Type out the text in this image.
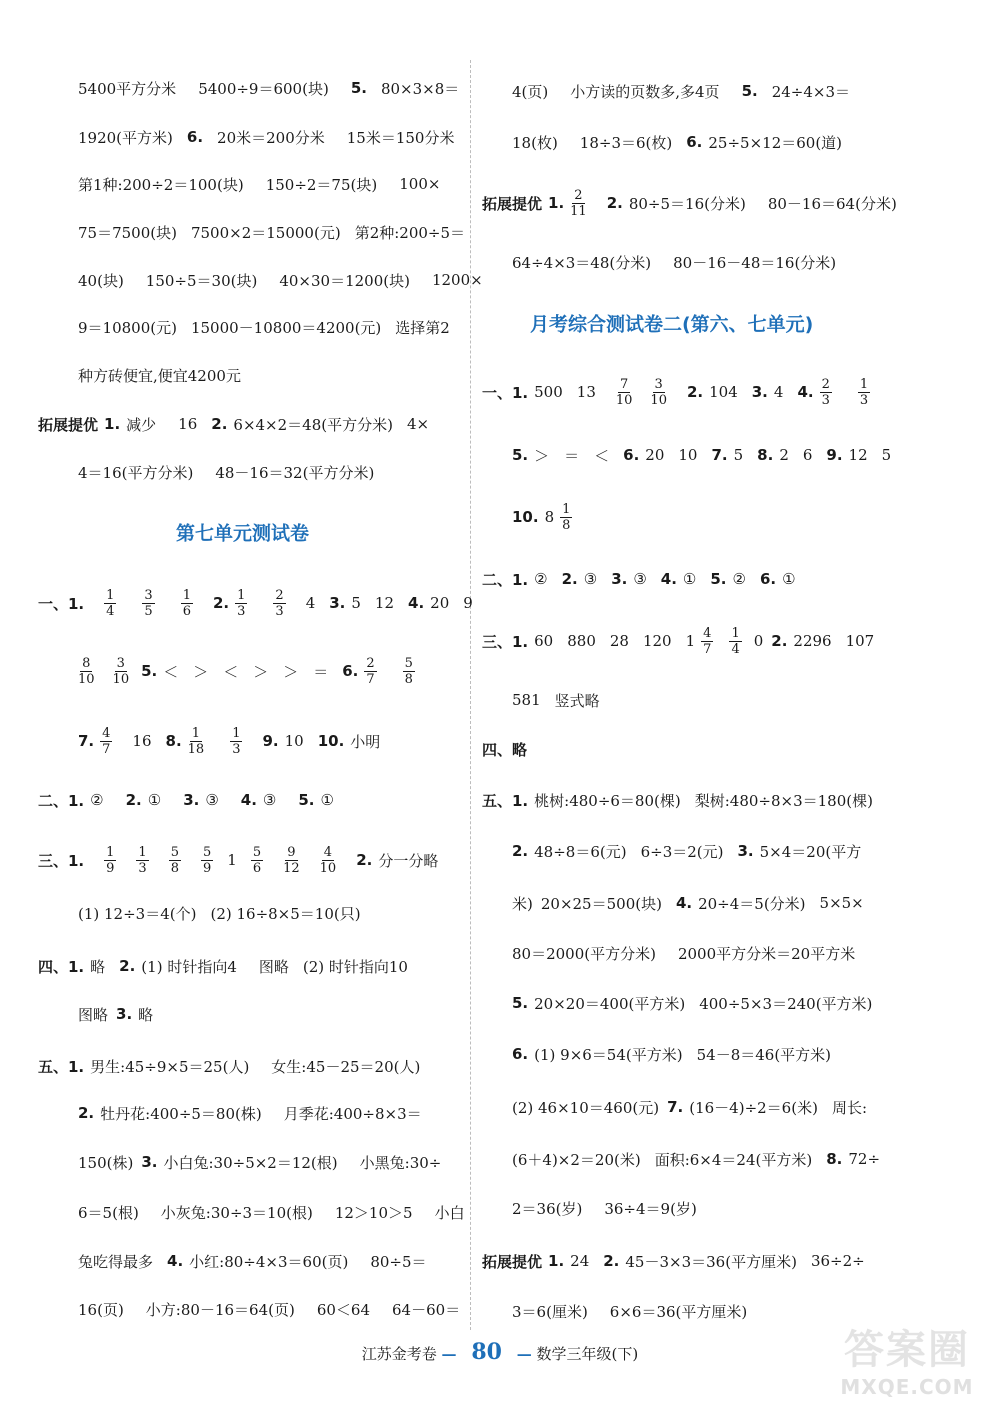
5400平方分米 5400÷9＝600(块) 5. 80×3×8＝
1920(平方米) 6. 20米＝200分米 15米＝150分米
第1种:200÷2＝100(块) 150÷2＝75(块) 100×
75＝7500(块) 7500×2＝15000(元) 第2种:200÷5＝
40(块) 150÷5＝30(块) 40×30＝1200(块) 1200×
9＝10800(元) 15000－10800＝4200(元) 选择第2
种方砖便宜,便宜4200元
拓展提优 1. 减少 16 2. 6×4×2＝48(平方分米) 4×
4＝16(平方分米) 48－16＝32(平方分米)
第七单元测试卷
一、1. $\frac{1}{4} \frac{3}{5} \frac{1}{6} 2$. $\frac{1}{3} \frac{2}{3} 4$ 3. 5 12 4. 20 9
$\frac{8}{10} \frac{3}{10} 5$. ＜　＞　＜　＞　＞　＝ 6. $\frac{2}{7} \frac{5}{8}$
7. $\frac{4}{7} 16$ 8. $\frac{1}{18} \frac{1}{3} 9$. 10 10. 小明
二、1. ② 2. ① 3. ③ 4. ③ 5. ①
三、1. $\frac{1}{9} \frac{1}{3} \frac{5}{8} \frac{5}{9} 1 \frac{5}{6} \frac{9}{12} \frac{4}{10} 2$. 分一分略
(1) 12÷3＝4(个) (2) 16÷8×5＝10(只)
四、1. 略 2. (1) 时针指向4 图略 (2) 时针指向10
图略 3. 略
五、1. 男生:45÷9×5＝25(人) 女生:45－25＝20(人)
2. 牡丹花:400÷5＝80(株) 月季花:400÷8×3＝
150(株) 3. 小白兔:30÷5×2＝12(根) 小黑兔:30÷
6＝5(根) 小灰兔:30÷3＝10(根) 12＞10＞5 小白
兔吃得最多 4. 小红:80÷4×3＝60(页) 80÷5＝
16(页) 小方:80－16＝64(页) 60＜64 64－60＝
4(页) 小方读的页数多,多4页 5. 24÷4×3＝
18(枚) 18÷3＝6(枚) 6. 25÷5×12＝60(道)
拓展提优 1. $\frac{2}{11} 2$. 80÷5＝16(分米) 80－16＝64(分米)
64÷4×3＝48(分米) 80－16－48＝16(分米)
月考综合测试卷二(第六、七单元)
一、1. 500 $13 \frac{7}{10} \frac{3}{10} 2$. 104 3. 4 4. $\frac{2}{3} \frac{1}{3}$
5. ＞　＝　＜ 6. 20 10 7. 5 8. 2 6 9. 12 5
10. $8 \frac{1}{8}$
二、1. ② 2. ③ 3. ③ 4. ① 5. ② 6. ①
三、1. 60 880 28 120 $1 \frac{4}{7} \frac{1}{4} 0$ 2. 2296 107
581 竖式略
四、略
五、1. 桃树:480÷6＝80(棵) 梨树:480÷8×3＝180(棵)
2. 48÷8＝6(元) 6÷3＝2(元) 3. 5×4＝20(平方
米) 20×25＝500(块) 4. 20÷4＝5(分米) 5×5×
80＝2000(平方分米) 2000平方分米＝20平方米
5. 20×20＝400(平方米) 400÷5×3＝240(平方米)
6. (1) 9×6＝54(平方米) 54－8＝46(平方米)
(2) 46×10＝460(元) 7. (16－4)÷2＝6(米) 周长:
(6＋4)×2＝20(米) 面积:6×4＝24(平方米) 8. 72÷
2＝36(岁) 36÷4＝9(岁)
拓展提优 1. 24 2. 45－3×3＝36(平方厘米) 36÷2÷
3＝6(厘米) 6×6＝36(平方厘米)
江苏金考卷 — 80 — 数学三年级(下)	答案圈
MXQE.COM
